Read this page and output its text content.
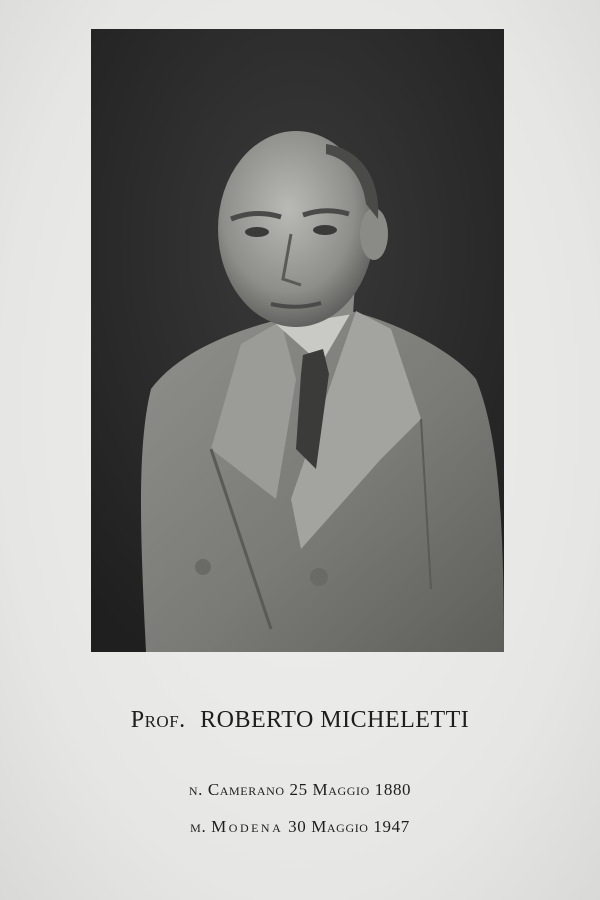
Prof. ROBERTO MICHELETTI
n. Camerano 25 Maggio 1880
m. Modena 30 Maggio 1947
